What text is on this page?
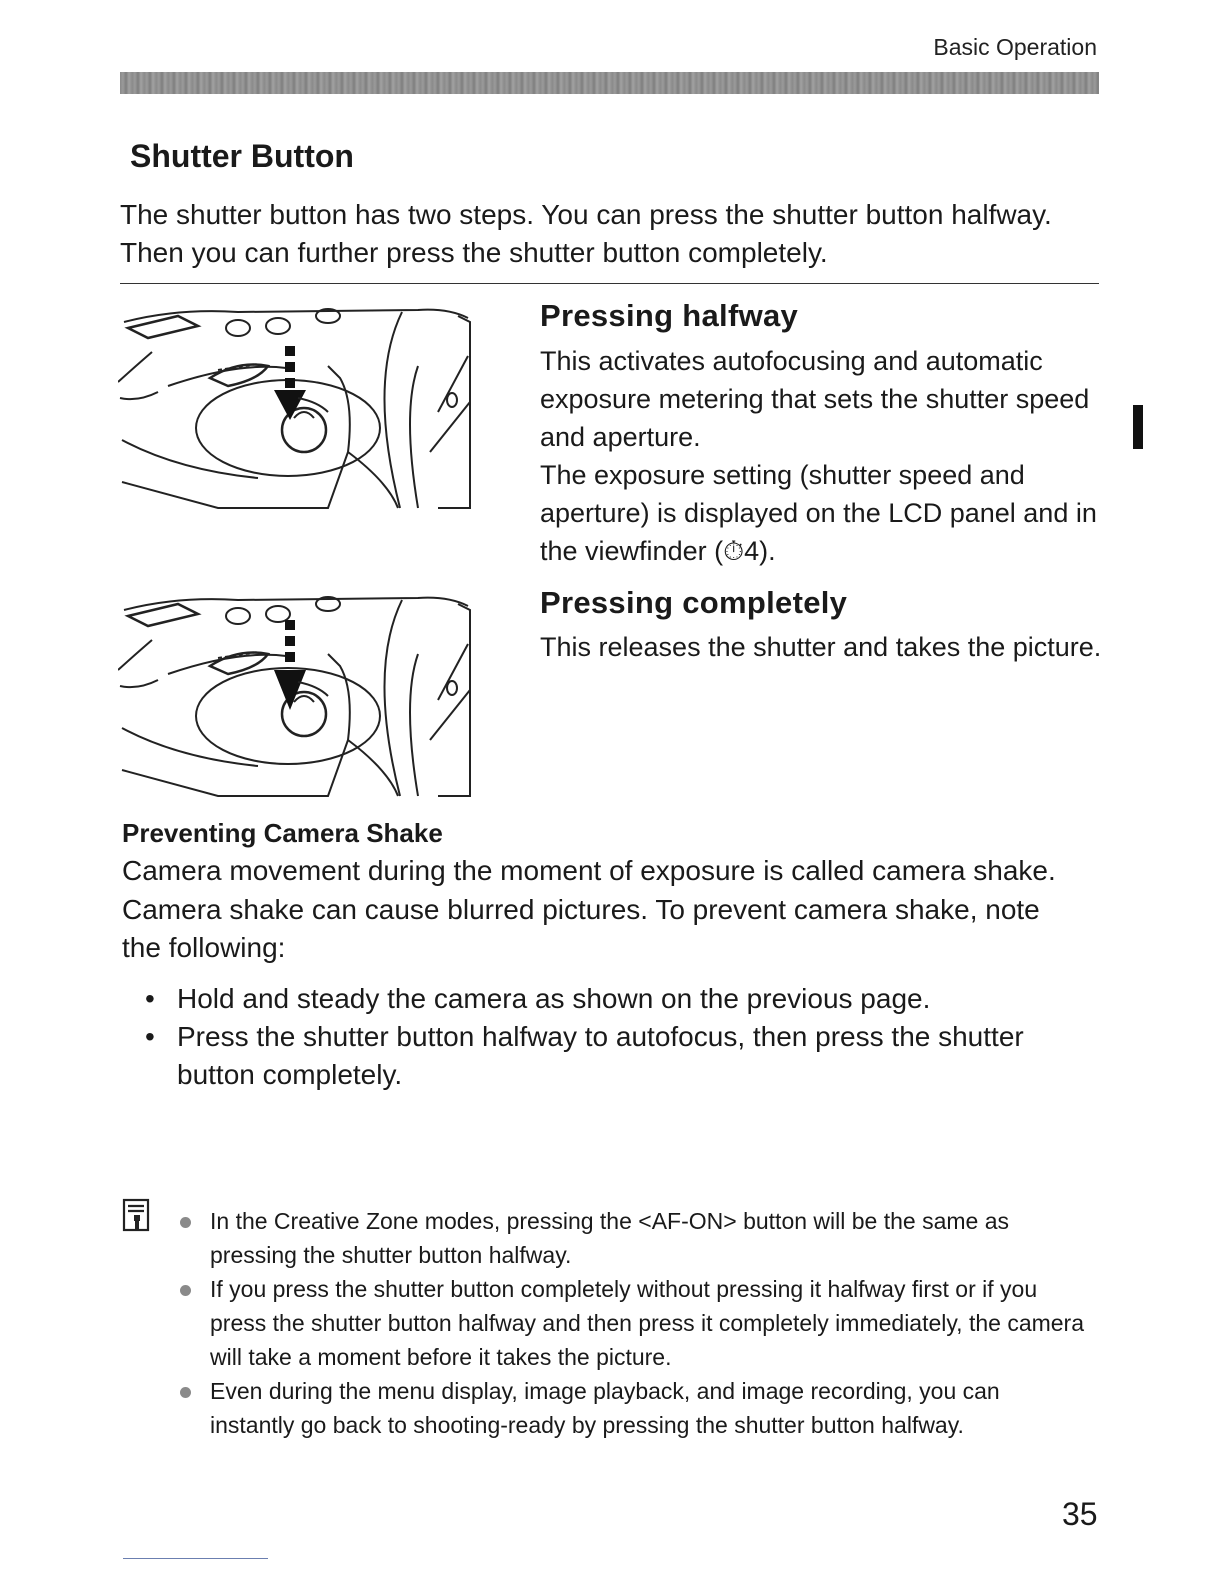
Basic Operation
Shutter Button
The shutter button has two steps. You can press the shutter button halfway. Then you can further press the shutter button completely.
Pressing halfway

This activates autofocusing and automatic exposure metering that sets the shutter speed and aperture.

The exposure setting (shutter speed and aperture) is displayed on the LCD panel and in the viewfinder (⏱4).

Pressing completely

This releases the shutter and takes the picture.

Preventing Camera Shake
Camera movement during the moment of exposure is called camera shake. Camera shake can cause blurred pictures. To prevent camera shake, note the following:
• Hold and steady the camera as shown on the previous page.
• Press the shutter button halfway to autofocus, then press the shutter button completely.
In the Creative Zone modes, pressing the <AF-ON> button will be the same as pressing the shutter button halfway.
If you press the shutter button completely without pressing it halfway first or if you press the shutter button halfway and then press it completely immediately, the camera will take a moment before it takes the picture.
Even during the menu display, image playback, and image recording, you can instantly go back to shooting-ready by pressing the shutter button halfway.
35
